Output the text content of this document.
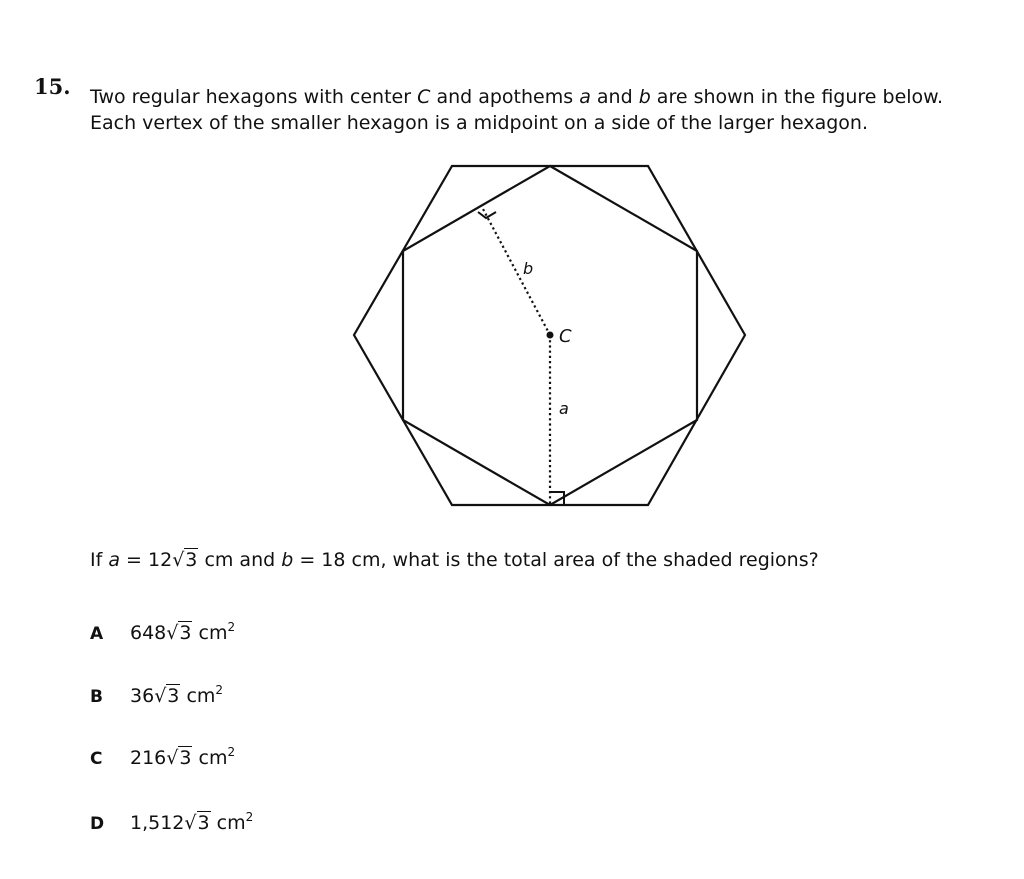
15. Two regular hexagons with center C and apothems a and b are shown in the figure below.
Each vertex of the smaller hexagon is a midpoint on a side of the larger hexagon.
b
C
a
If a = 12√3 cm and b = 18 cm, what is the total area of the shaded regions?
A	648√3 $cm^2$
B	36√3 $cm^2$
C	216√3 $cm^2$
D	1,512√3 $cm^2$
